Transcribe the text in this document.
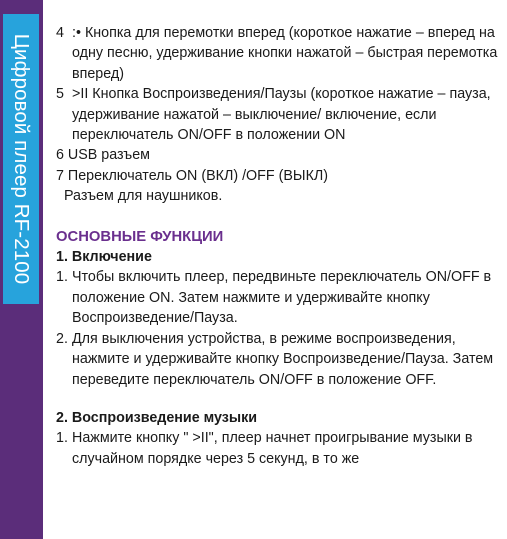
Цифровой плеер RF-2100
4 :• Кнопка для перемотки вперед (короткое нажатие – вперед на одну песню, удерживание кнопки нажатой – быстрая перемотка вперед)
5 >II Кнопка Воспроизведения/Паузы (короткое нажатие – пауза, удерживание нажатой – выключение/ включение, если переключатель ON/OFF в положении ON
6 USB разъем
7 Переключатель ON (ВКЛ) /OFF (ВЫКЛ)
Разъем для наушников.
ОСНОВНЫЕ ФУНКЦИИ
1. Включение
1. Чтобы включить плеер, передвиньте переключатель ON/OFF в положение ON. Затем нажмите и удерживайте кнопку Воспроизведение/Пауза.
2. Для выключения устройства, в режиме воспроизведения, нажмите и удерживайте кнопку Воспроизведение/Пауза. Затем переведите переключатель ON/OFF в положение OFF.
2. Воспроизведение музыки
1. Нажмите кнопку " >II", плеер начнет проигрывание музыки в случайном порядке через 5 секунд, в то же
